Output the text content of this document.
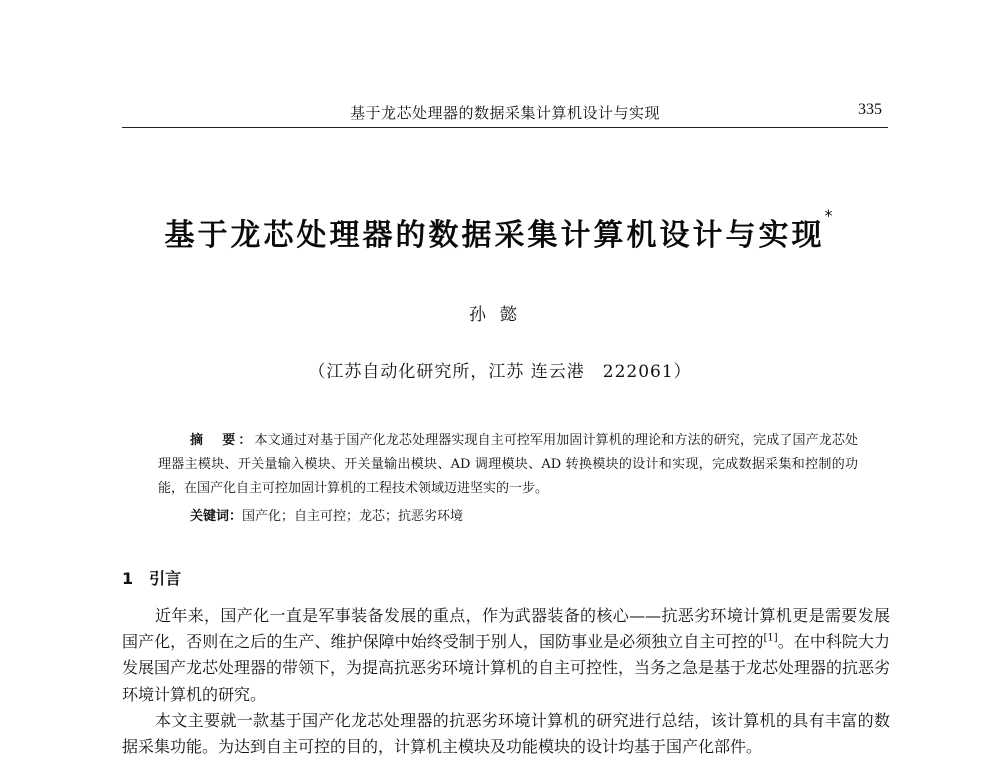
基于龙芯处理器的数据采集计算机设计与实现	335
基于龙芯处理器的数据采集计算机设计与实现*
孙懿
（江苏自动化研究所，江苏 连云港　222061）

摘　要：本文通过对基于国产化龙芯处理器实现自主可控军用加固计算机的理论和方法的研究，完成了国产龙芯处理器主模块、开关量输入模块、开关量输出模块、AD 调理模块、AD 转换模块的设计和实现，完成数据采集和控制的功能，在国产化自主可控加固计算机的工程技术领域迈进坚实的一步。

关键词：国产化；自主可控；龙芯；抗恶劣环境
1 引言

近年来，国产化一直是军事装备发展的重点，作为武器装备的核心——抗恶劣环境计算机更是需要发展国产化，否则在之后的生产、维护保障中始终受制于别人，国防事业是必须独立自主可控的[1]。在中科院大力发展国产龙芯处理器的带领下，为提高抗恶劣环境计算机的自主可控性，当务之急是基于龙芯处理器的抗恶劣环境计算机的研究。

本文主要就一款基于国产化龙芯处理器的抗恶劣环境计算机的研究进行总结，该计算机的具有丰富的数据采集功能。为达到自主可控的目的，计算机主模块及功能模块的设计均基于国产化部件。
